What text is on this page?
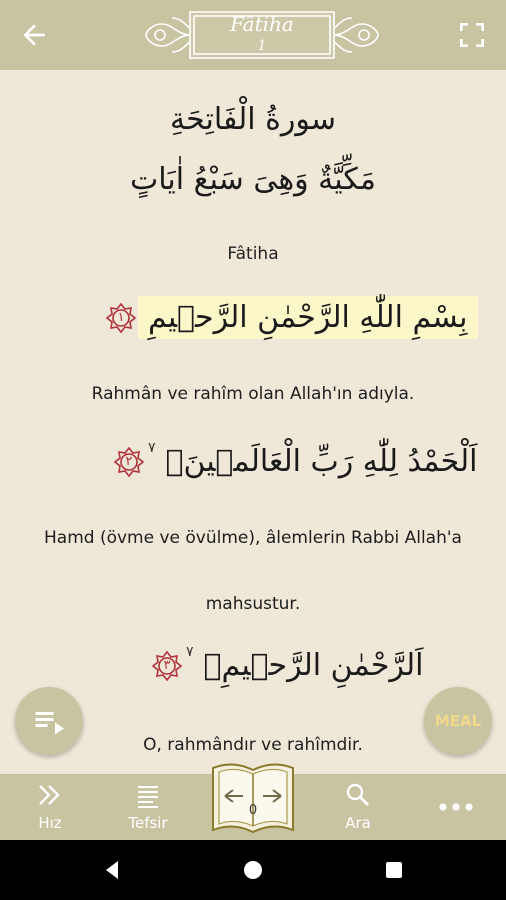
Fâtiha
1
سورةُ الْفَاتِحَةِ
مَكِّيَّةٌ وَهِىَ سَبْعُ اٰيَاتٍ
Fâtiha
١ بِسْمِ اللّٰهِ الرَّحْمٰنِ الرَّح۪يمِ
Rahmân ve rahîm olan Allah'ın adıyla.
٢
٧ اَلْحَمْدُ لِلّٰهِ رَبِّ الْعَالَم۪ينَۙ
Hamd (övme ve övülme), âlemlerin Rabbi Allah'a
mahsustur.
٣
٧ اَلرَّحْمٰنِ الرَّح۪يمِۙ
O, rahmândır ve rahîmdir.
MEAL
Hız	Tefsir	Ara
0
